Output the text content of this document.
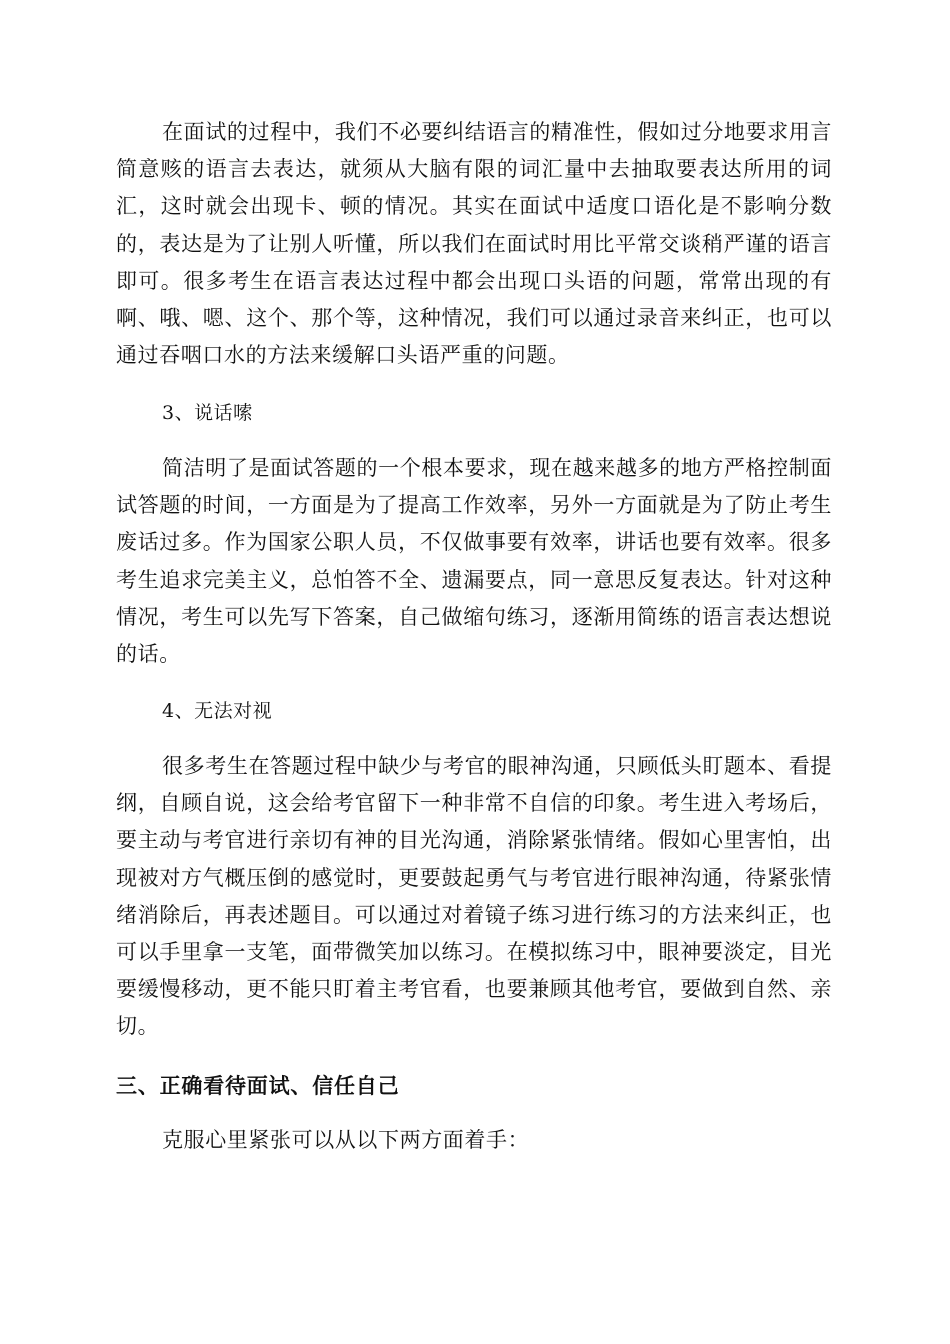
在面试的过程中，我们不必要纠结语言的精准性，假如过分地要求用言简意赅的语言去表达，就须从大脑有限的词汇量中去抽取要表达所用的词汇，这时就会出现卡、顿的情况。其实在面试中适度口语化是不影响分数的，表达是为了让别人听懂，所以我们在面试时用比平常交谈稍严谨的语言即可。很多考生在语言表达过程中都会出现口头语的问题，常常出现的有啊、哦、嗯、这个、那个等，这种情况，我们可以通过录音来纠正，也可以通过吞咽口水的方法来缓解口头语严重的问题。

3、说话嗦

简洁明了是面试答题的一个根本要求，现在越来越多的地方严格控制面试答题的时间，一方面是为了提高工作效率，另外一方面就是为了防止考生废话过多。作为国家公职人员，不仅做事要有效率，讲话也要有效率。很多考生追求完美主义，总怕答不全、遗漏要点，同一意思反复表达。针对这种情况，考生可以先写下答案，自己做缩句练习，逐渐用简练的语言表达想说的话。

4、无法对视

很多考生在答题过程中缺少与考官的眼神沟通，只顾低头盯题本、看提纲，自顾自说，这会给考官留下一种非常不自信的印象。考生进入考场后，要主动与考官进行亲切有神的目光沟通，消除紧张情绪。假如心里害怕，出现被对方气概压倒的感觉时，更要鼓起勇气与考官进行眼神沟通，待紧张情绪消除后，再表述题目。可以通过对着镜子练习进行练习的方法来纠正，也可以手里拿一支笔，面带微笑加以练习。在模拟练习中，眼神要淡定，目光要缓慢移动，更不能只盯着主考官看，也要兼顾其他考官，要做到自然、亲切。

三、正确看待面试、信任自己

克服心里紧张可以从以下两方面着手：
